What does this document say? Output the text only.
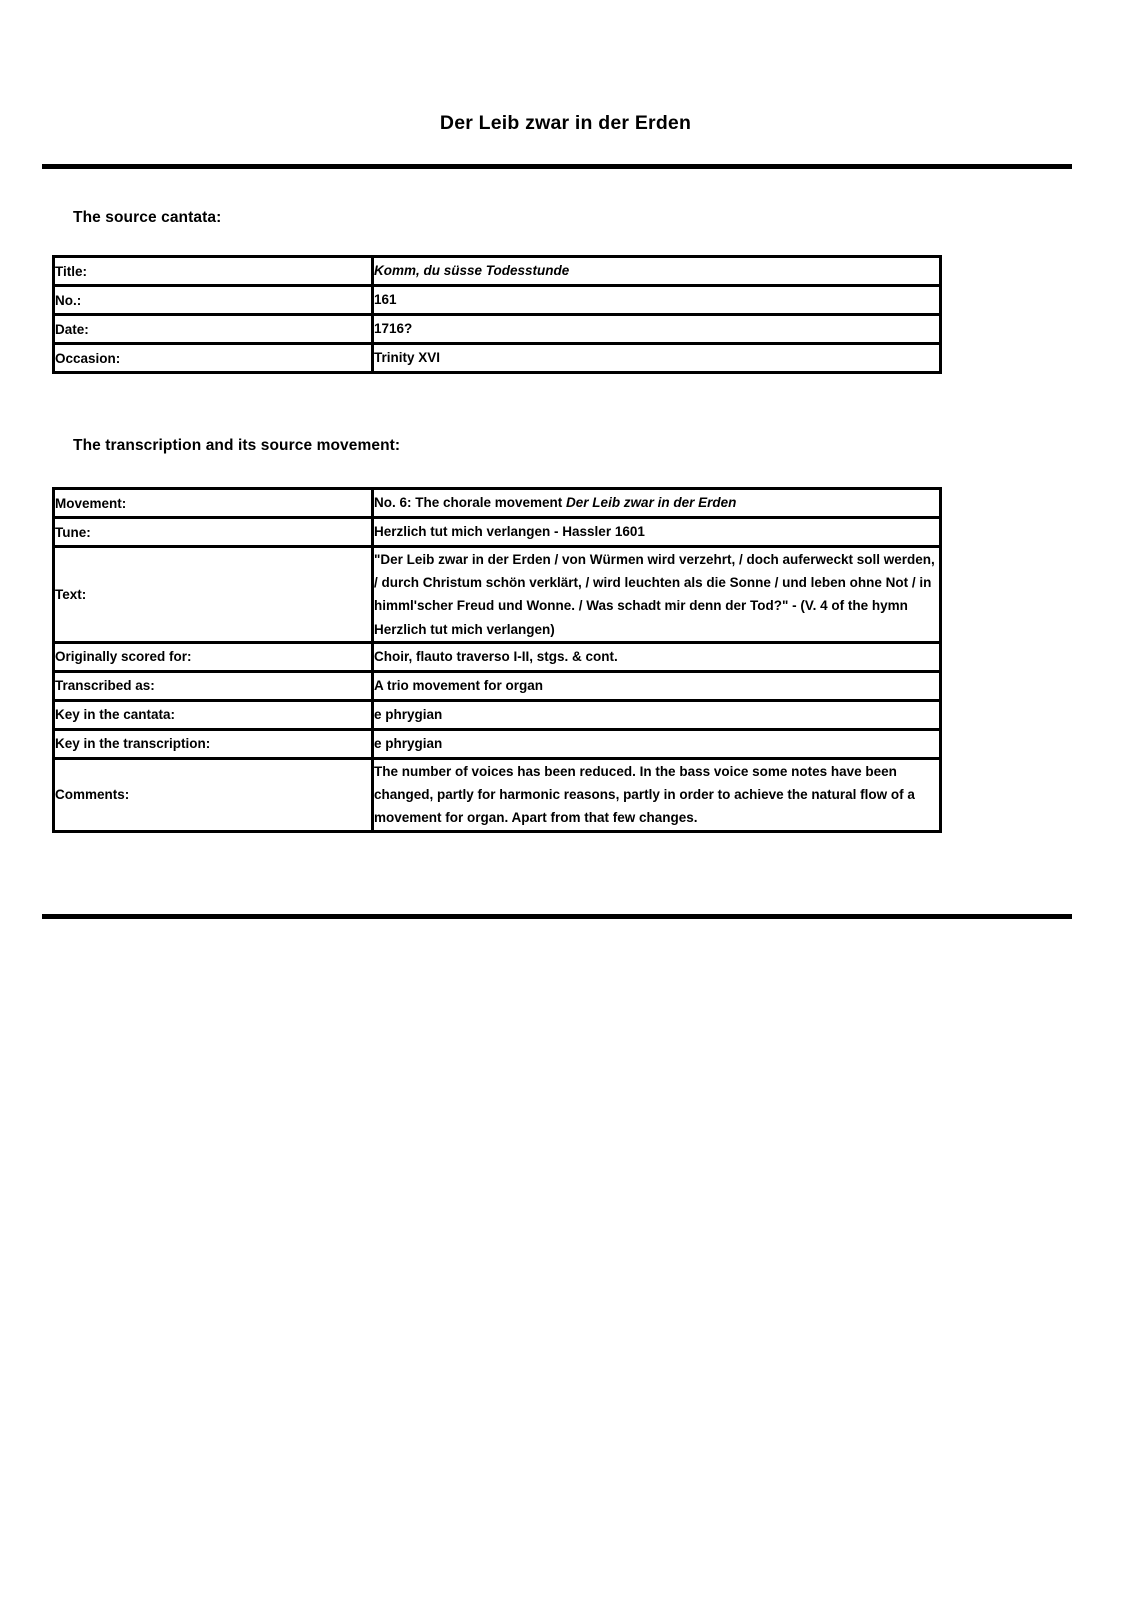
Der Leib zwar in der Erden
The source cantata:
Title:	Komm, du süsse Todesstunde
No.:	161
Date:	1716?
Occasion:	Trinity XVI
The transcription and its source movement:
Movement:	No. 6: The chorale movement Der Leib zwar in der Erden
Tune:	Herzlich tut mich verlangen - Hassler 1601
Text:	"Der Leib zwar in der Erden / von Würmen wird verzehrt, / doch auferweckt soll werden, / durch Christum schön verklärt, / wird leuchten als die Sonne / und leben ohne Not / in himml'scher Freud und Wonne. / Was schadt mir denn der Tod?" - (V. 4 of the hymn Herzlich tut mich verlangen)
Originally scored for:	Choir, flauto traverso I-II, stgs. & cont.
Transcribed as:	A trio movement for organ
Key in the cantata:	e phrygian
Key in the transcription:	e phrygian
Comments:	The number of voices has been reduced. In the bass voice some notes have been changed, partly for harmonic reasons, partly in order to achieve the natural flow of a movement for organ. Apart from that few changes.
